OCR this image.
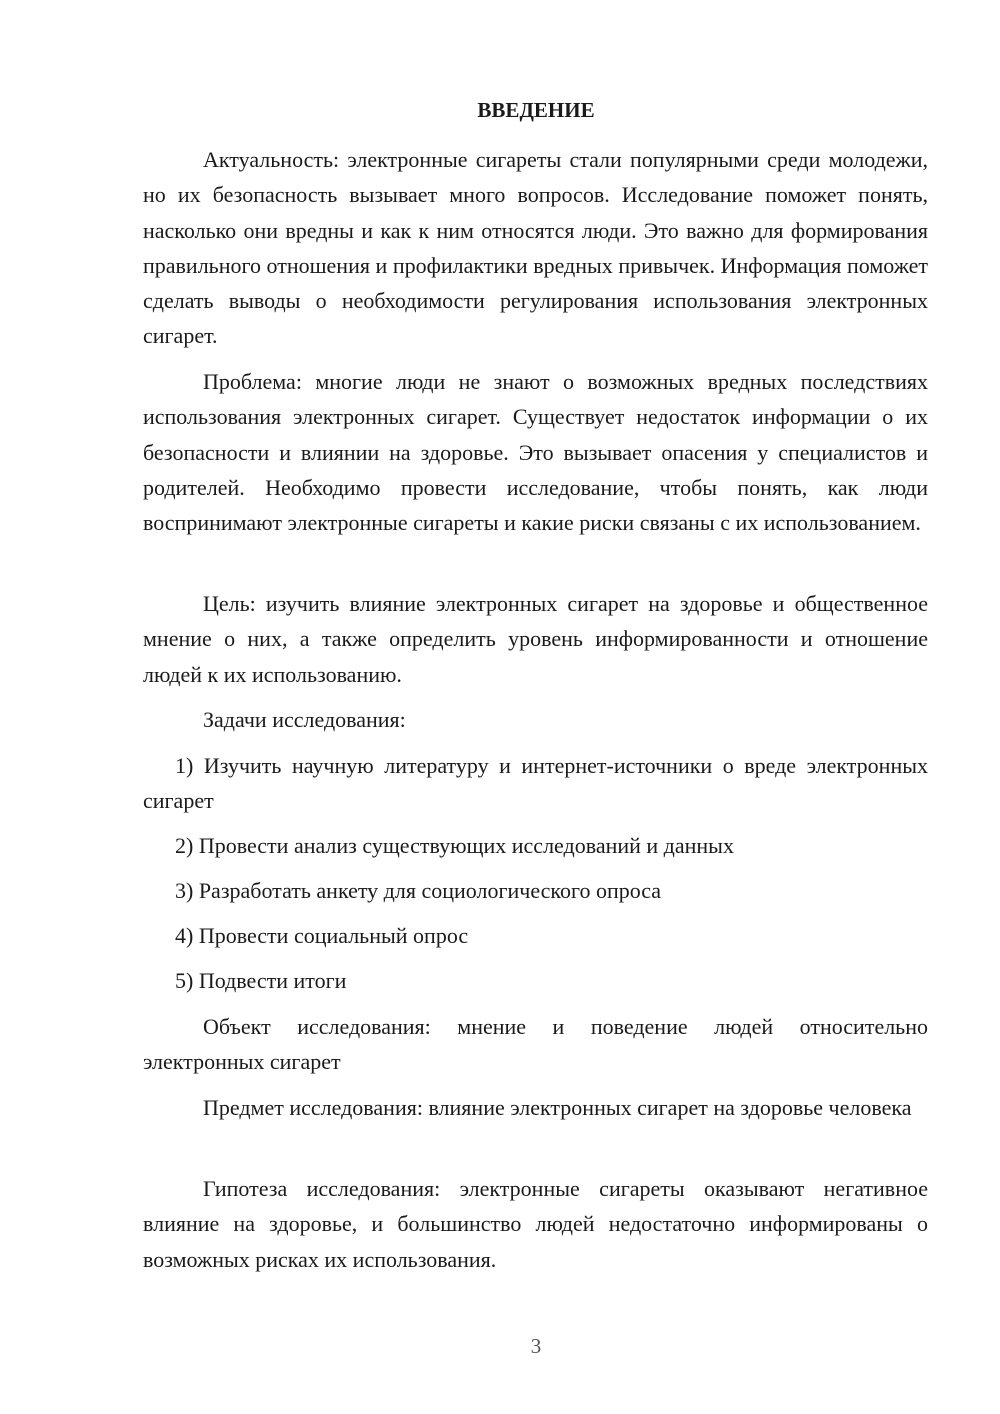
ВВЕДЕНИЕ

Актуальность: электронные сигареты стали популярными среди молодежи, но их безопасность вызывает много вопросов. Исследование поможет понять, насколько они вредны и как к ним относятся люди. Это важно для формирования правильного отношения и профилактики вредных привычек. Информация поможет сделать выводы о необходимости регулирования использования электронных сигарет.

Проблема: многие люди не знают о возможных вредных последствиях использования электронных сигарет. Существует недостаток информации о их безопасности и влиянии на здоровье. Это вызывает опасения у специалистов и родителей. Необходимо провести исследование, чтобы понять, как люди воспринимают электронные сигареты и какие риски связаны с их использованием.

Цель: изучить влияние электронных сигарет на здоровье и общественное мнение о них, а также определить уровень информированности и отношение людей к их использованию.

Задачи исследования:

1) Изучить научную литературу и интернет-источники о вреде электронных сигарет

2) Провести анализ существующих исследований и данных

3) Разработать анкету для социологического опроса

4) Провести социальный опрос

5) Подвести итоги

Объект исследования: мнение и поведение людей относительно электронных сигарет

Предмет исследования: влияние электронных сигарет на здоровье человека

Гипотеза исследования: электронные сигареты оказывают негативное влияние на здоровье, и большинство людей недостаточно информированы о возможных рисках их использования.

3
